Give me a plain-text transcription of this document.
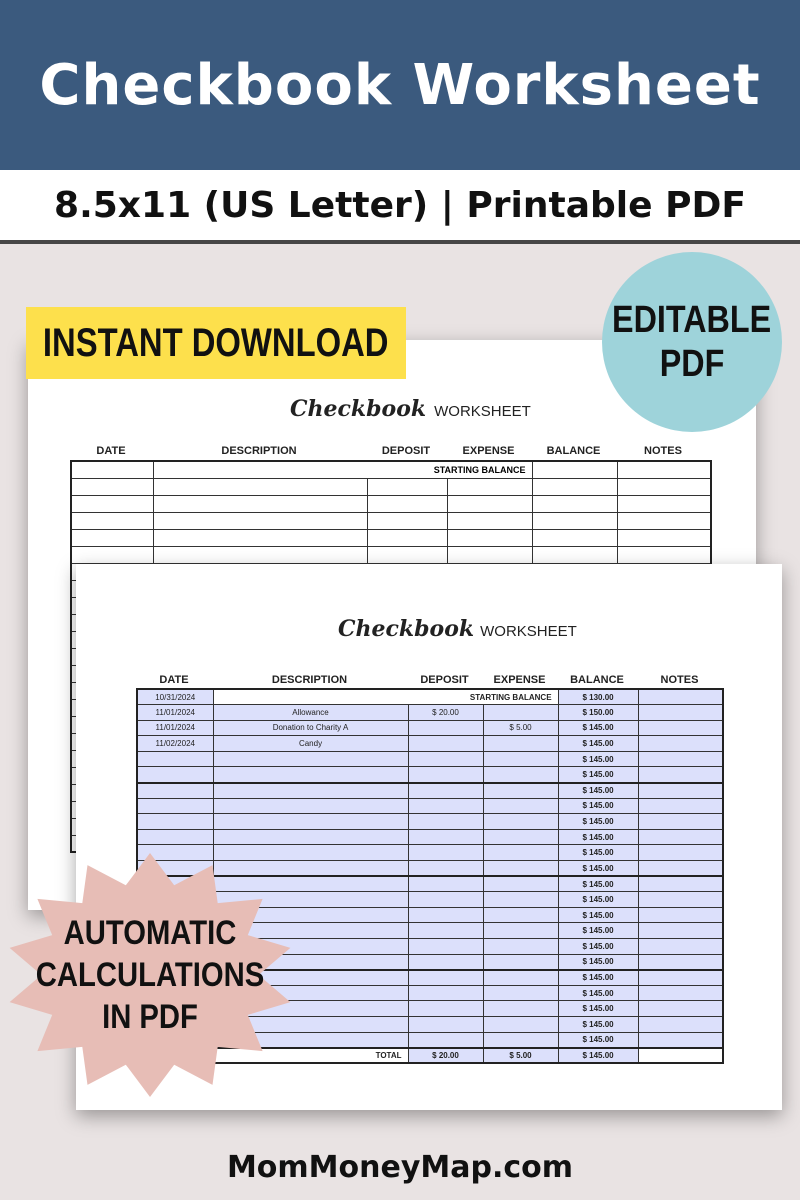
Checkbook Worksheet
8.5x11 (US Letter) | Printable PDF
Checkbook WORKSHEET
DATE	DESCRIPTION	DEPOSIT	EXPENSE	BALANCE	NOTES
	STARTING BALANCE				

Checkbook WORKSHEET
DATE	DESCRIPTION	DEPOSIT	EXPENSE	BALANCE	NOTES
10/31/2024	STARTING BALANCE			$ 130.00	
11/01/2024	Allowance	$ 20.00		$ 150.00	
11/01/2024	Donation to Charity A		$ 5.00	$ 145.00	
11/02/2024	Candy			$ 145.00	
				$ 145.00	
				$ 145.00	
				$ 145.00	
				$ 145.00	
				$ 145.00	
				$ 145.00	
				$ 145.00	
				$ 145.00	
				$ 145.00	
				$ 145.00	
				$ 145.00	
				$ 145.00	
				$ 145.00	
				$ 145.00	
				$ 145.00	
				$ 145.00	
				$ 145.00	
				$ 145.00	
				$ 145.00	
TOTAL		$ 20.00	$ 5.00	$ 145.00	
INSTANT DOWNLOAD
EDITABLE
PDF
AUTOMATIC
CALCULATIONS
IN PDF
MomMoneyMap.com
